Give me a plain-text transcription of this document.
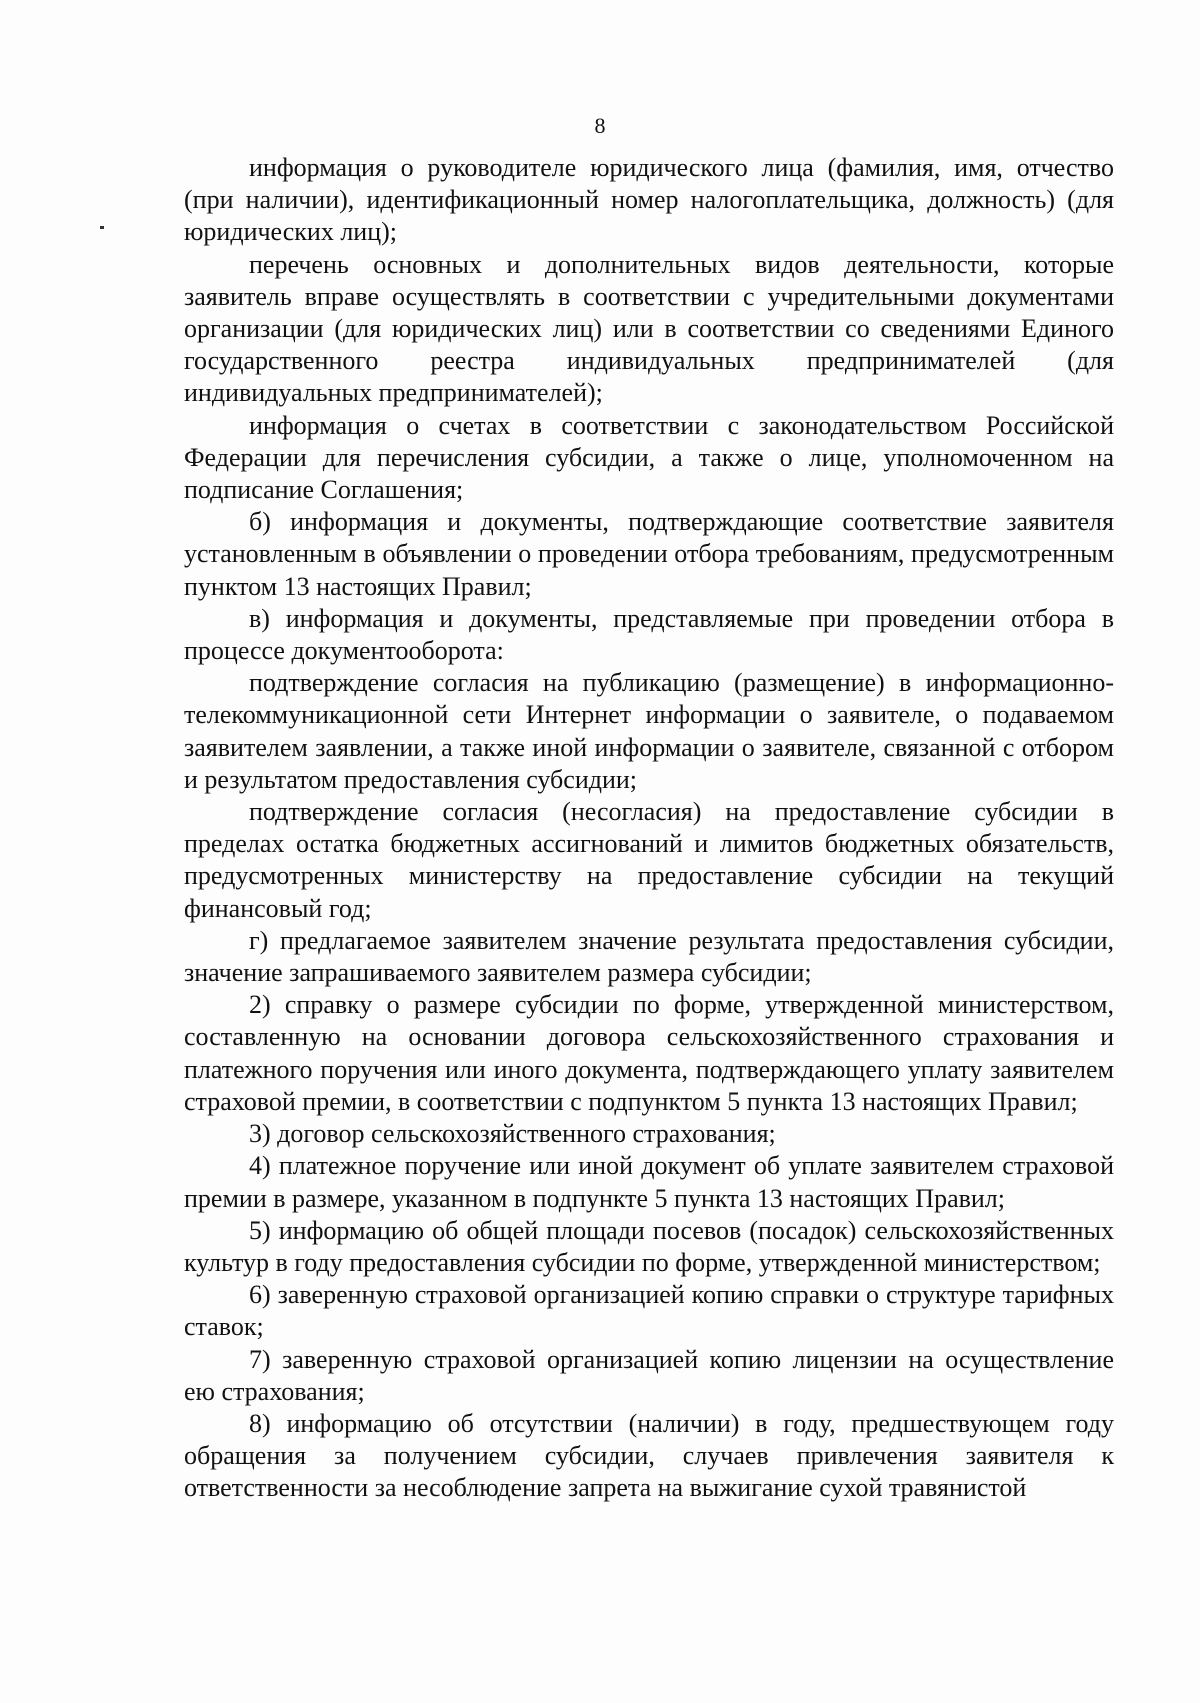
8

информация о руководителе юридического лица (фамилия, имя, отчество (при наличии), идентификационный номер налогоплательщика, должность) (для юридических лиц);

перечень основных и дополнительных видов деятельности, которые заявитель вправе осуществлять в соответствии с учредительными документами организации (для юридических лиц) или в соответствии со сведениями Единого государственного реестра индивидуальных предпринимателей (для индивидуальных предпринимателей);

информация о счетах в соответствии с законодательством Российской Федерации для перечисления субсидии, а также о лице, уполномоченном на подписание Соглашения;

б) информация и документы, подтверждающие соответствие заявителя установленным в объявлении о проведении отбора требованиям, предусмотренным пунктом 13 настоящих Правил;

в) информация и документы, представляемые при проведении отбора в процессе документооборота:

подтверждение согласия на публикацию (размещение) в информационно-телекоммуникационной сети Интернет информации о заявителе, о подаваемом заявителем заявлении, а также иной информации о заявителе, связанной с отбором и результатом предоставления субсидии;

подтверждение согласия (несогласия) на предоставление субсидии в пределах остатка бюджетных ассигнований и лимитов бюджетных обязательств, предусмотренных министерству на предоставление субсидии на текущий финансовый год;

г) предлагаемое заявителем значение результата предоставления субсидии, значение запрашиваемого заявителем размера субсидии;

2) справку о размере субсидии по форме, утвержденной министерством, составленную на основании договора сельскохозяйственного страхования и платежного поручения или иного документа, подтверждающего уплату заявителем страховой премии, в соответствии с подпунктом 5 пункта 13 настоящих Правил;

3) договор сельскохозяйственного страхования;

4) платежное поручение или иной документ об уплате заявителем страховой премии в размере, указанном в подпункте 5 пункта 13 настоящих Правил;

5) информацию об общей площади посевов (посадок) сельскохозяйственных культур в году предоставления субсидии по форме, утвержденной министерством;

6) заверенную страховой организацией копию справки о структуре тарифных ставок;

7) заверенную страховой организацией копию лицензии на осуществление ею страхования;

8) информацию об отсутствии (наличии) в году, предшествующем году обращения за получением субсидии, случаев привлечения заявителя к ответственности за несоблюдение запрета на выжигание сухой травянистой
